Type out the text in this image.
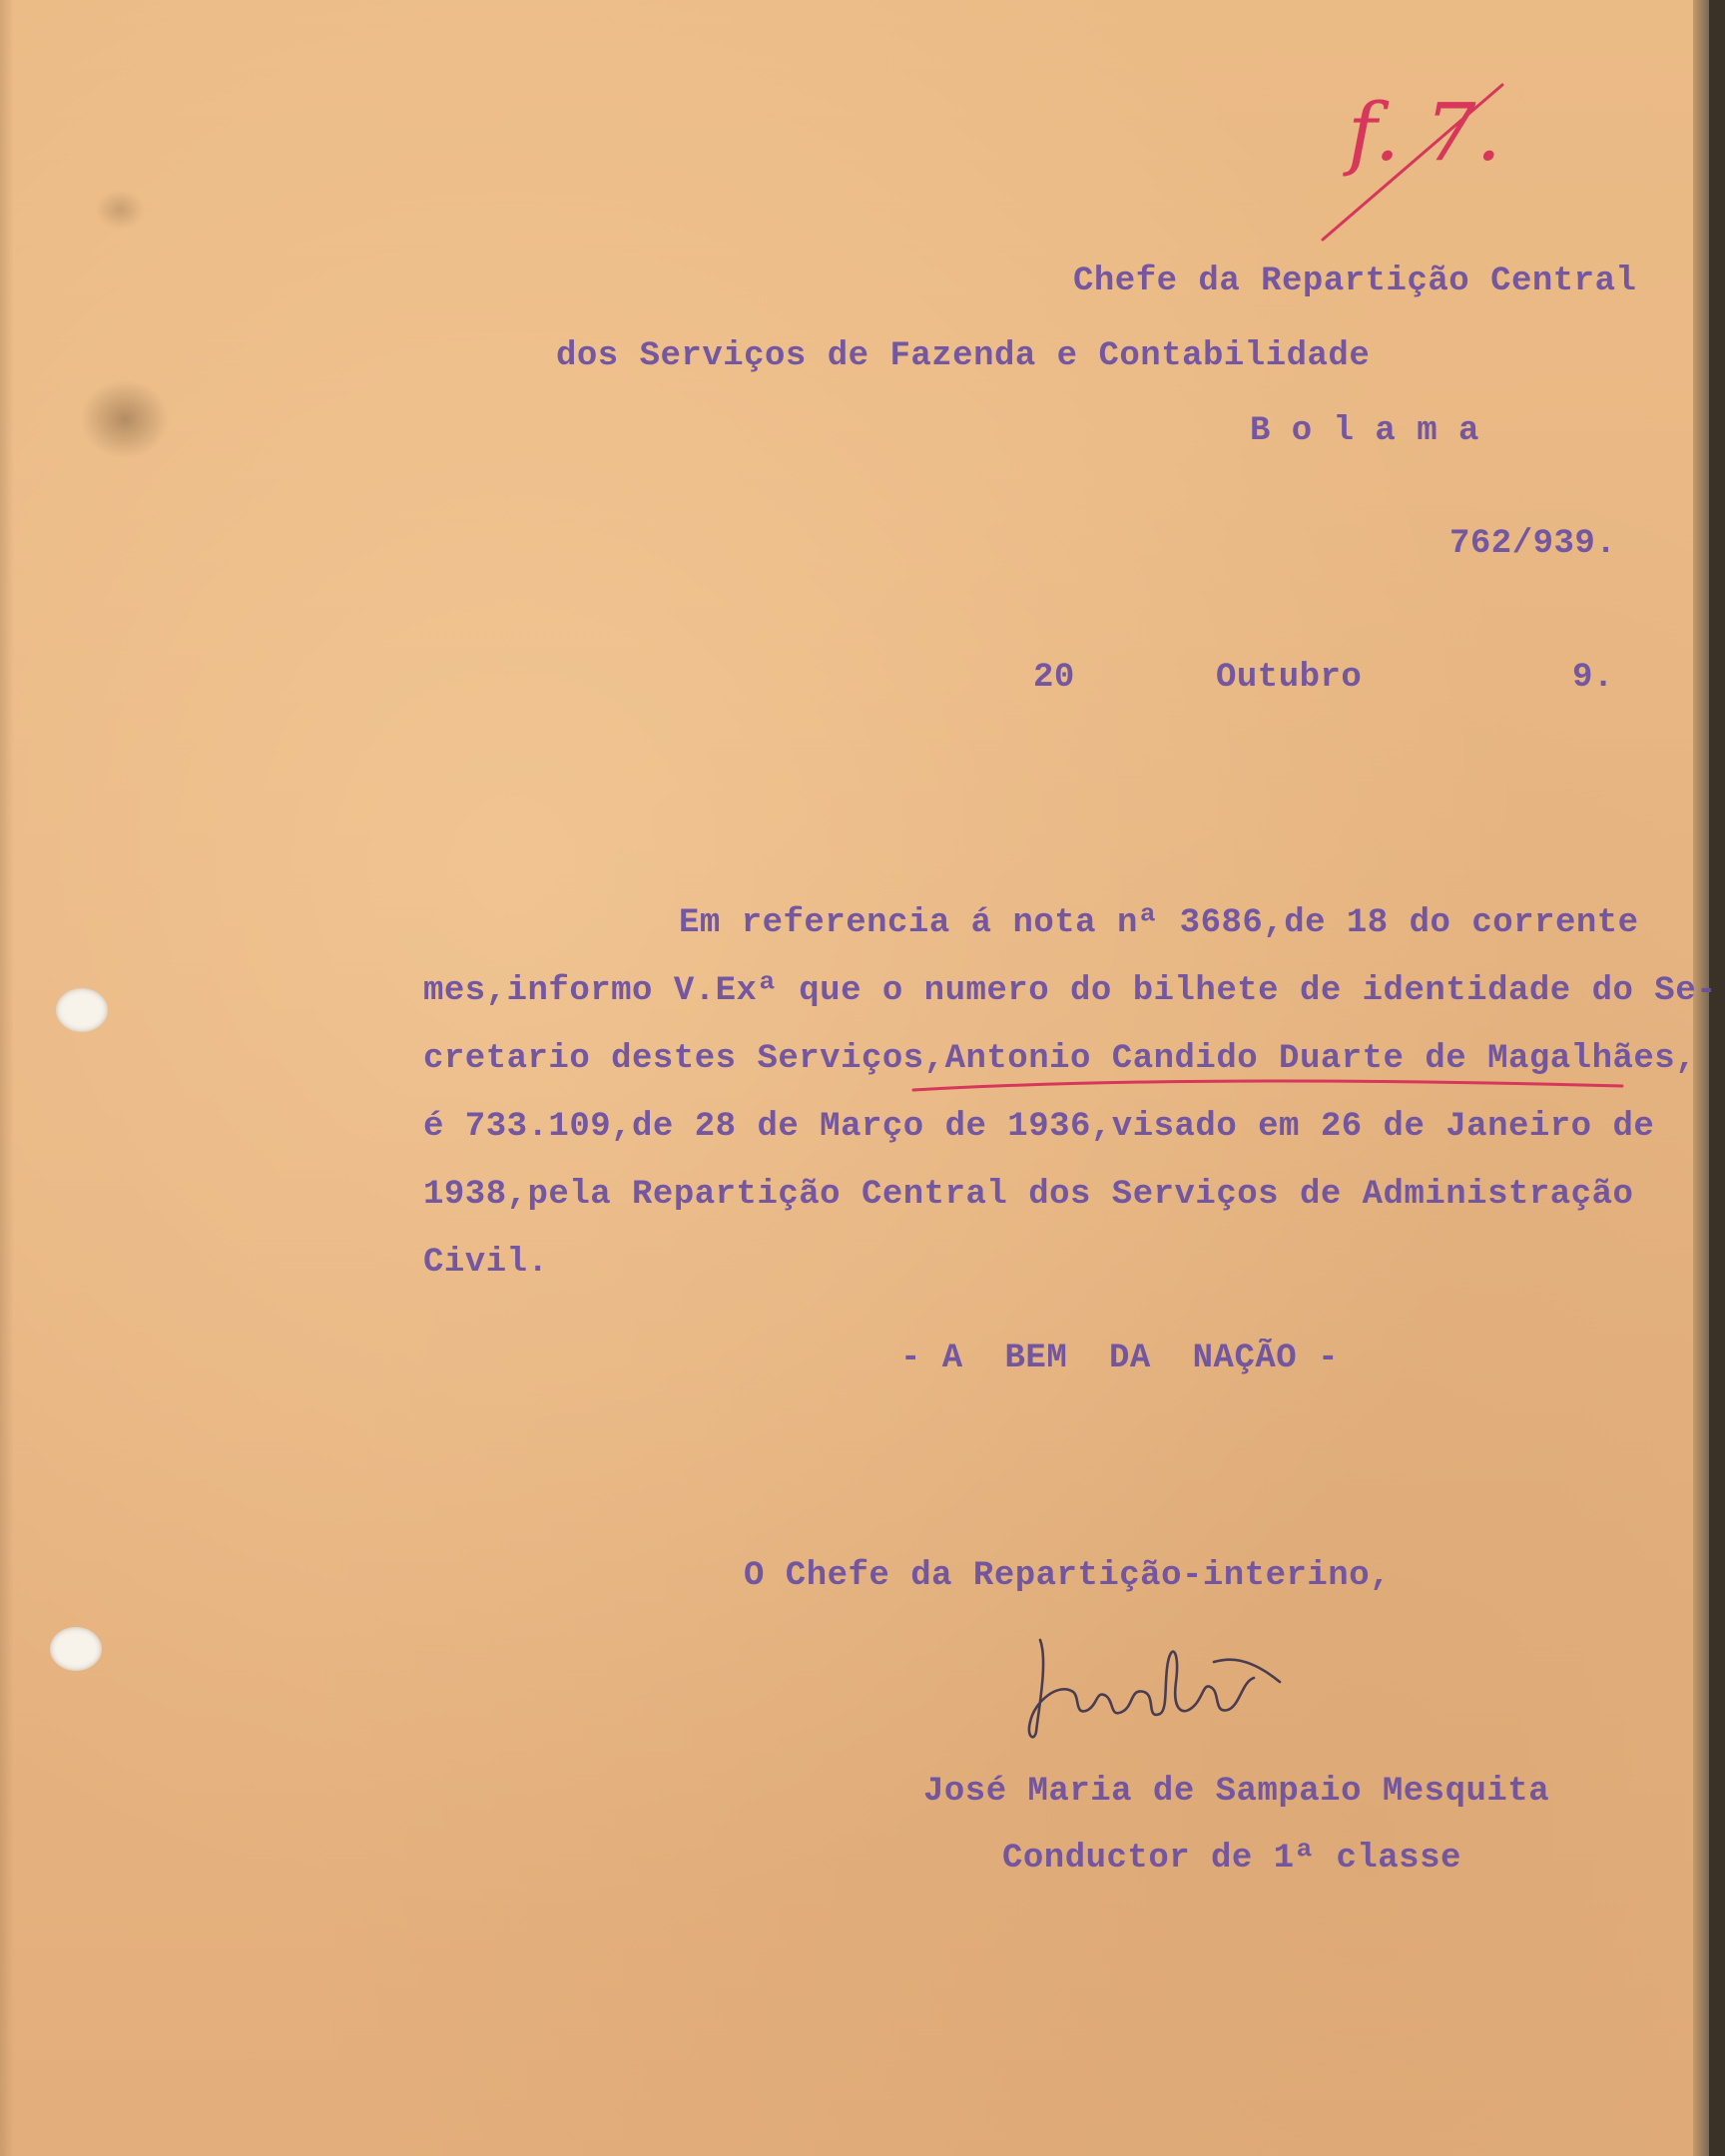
f. 7.

Chefe da Repartição Central

dos Serviços de Fazenda e Contabilidade

B o l a m a

762/939.

20	Outubro	9.

Em referencia á nota nª 3686,de 18 do corrente

mes,informo V.Exª que o numero do bilhete de identidade do Se-

cretario destes Serviços,Antonio Candido Duarte de Magalhães,

é 733.109,de 28 de Março de 1936,visado em 26 de Janeiro de

1938,pela Repartição Central dos Serviços de Administração

Civil.

- A  BEM  DA  NAÇÃO -

O Chefe da Repartição-interino,

José Maria de Sampaio Mesquita

Conductor de 1ª classe
